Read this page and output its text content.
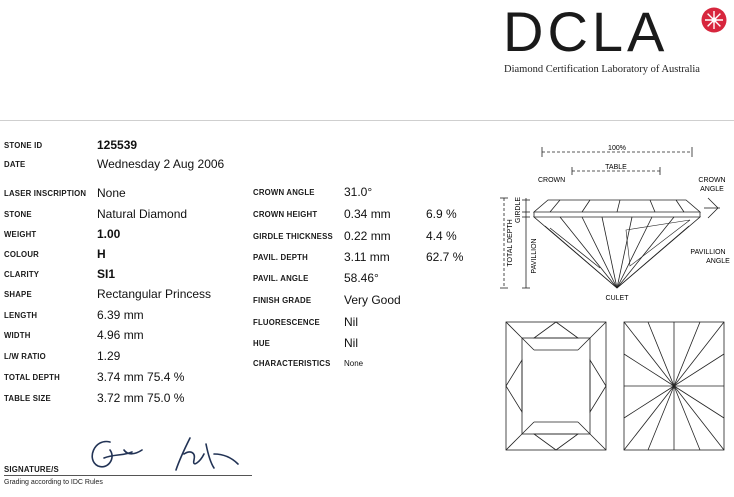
DCLA
Diamond Certification Laboratory of Australia
STONE ID	125539
DATE	Wednesday 2 Aug 2006
LASER INSCRIPTION None
STONE	Natural Diamond
WEIGHT	1.00
COLOUR	H
CLARITY	SI1
SHAPE	Rectangular Princess
LENGTH	6.39 mm
WIDTH	4.96 mm
L/W RATIO	1.29
TOTAL DEPTH	3.74 mm 75.4 %
TABLE SIZE	3.72 mm 75.0 %
CROWN ANGLE 31.0°
CROWN HEIGHT 0.34 mm	6.9 %
GIRDLE THICKNESS 0.22 mm	4.4 %
PAVIL. DEPTH	3.11 mm	62.7 %
PAVIL. ANGLE	58.46°
FINISH GRADE	Very Good
FLUORESCENCE Nil
HUE	Nil
CHARACTERISTICS None
100%
TABLE
CROWN	CROWN
ANGLE
PAVILLION
ANGLE
CULET
TOTAL DEPTH
GIRDLE
PAVILLION
SIGNATURE/S
Grading according to IDC Rules
